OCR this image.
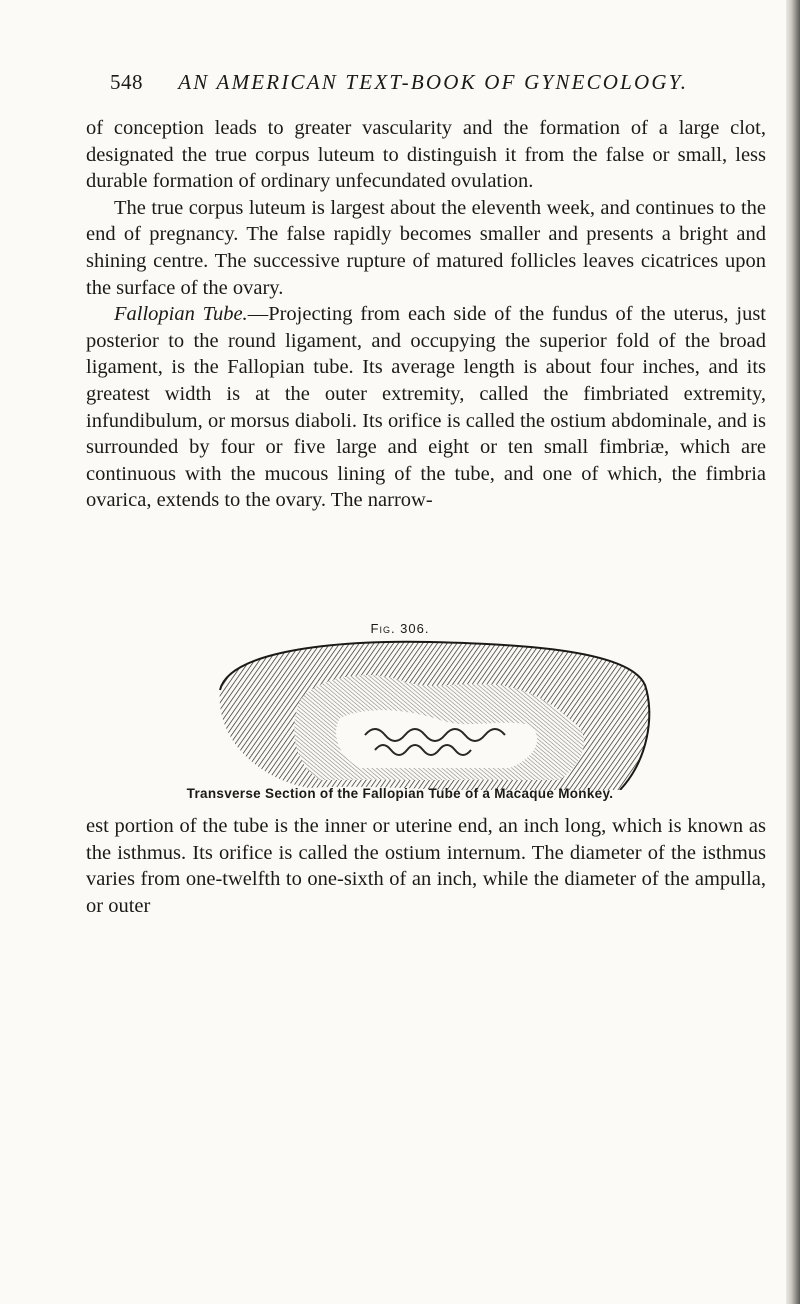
548 AN AMERICAN TEXT-BOOK OF GYNECOLOGY.

of conception leads to greater vascularity and the formation of a large clot, designated the true corpus luteum to distinguish it from the false or small, less durable formation of ordinary unfecundated ovulation.

The true corpus luteum is largest about the eleventh week, and continues to the end of pregnancy. The false rapidly becomes smaller and presents a bright and shining centre. The successive rupture of matured follicles leaves cicatrices upon the surface of the ovary.

Fallopian Tube.—Projecting from each side of the fundus of the uterus, just posterior to the round ligament, and occupying the superior fold of the broad ligament, is the Fallopian tube. Its average length is about four inches, and its greatest width is at the outer extremity, called the fimbriated extremity, infundibulum, or morsus diaboli. Its orifice is called the ostium abdominale, and is surrounded by four or five large and eight or ten small fimbriæ, which are continuous with the mucous lining of the tube, and one of which, the fimbria ovarica, extends to the ovary. The narrow-

Fig. 306.
Transverse Section of the Fallopian Tube of a Macaque Monkey.

est portion of the tube is the inner or uterine end, an inch long, which is known as the isthmus. Its orifice is called the ostium internum. The diameter of the isthmus varies from one-twelfth to one-sixth of an inch, while the diameter of the ampulla, or outer
